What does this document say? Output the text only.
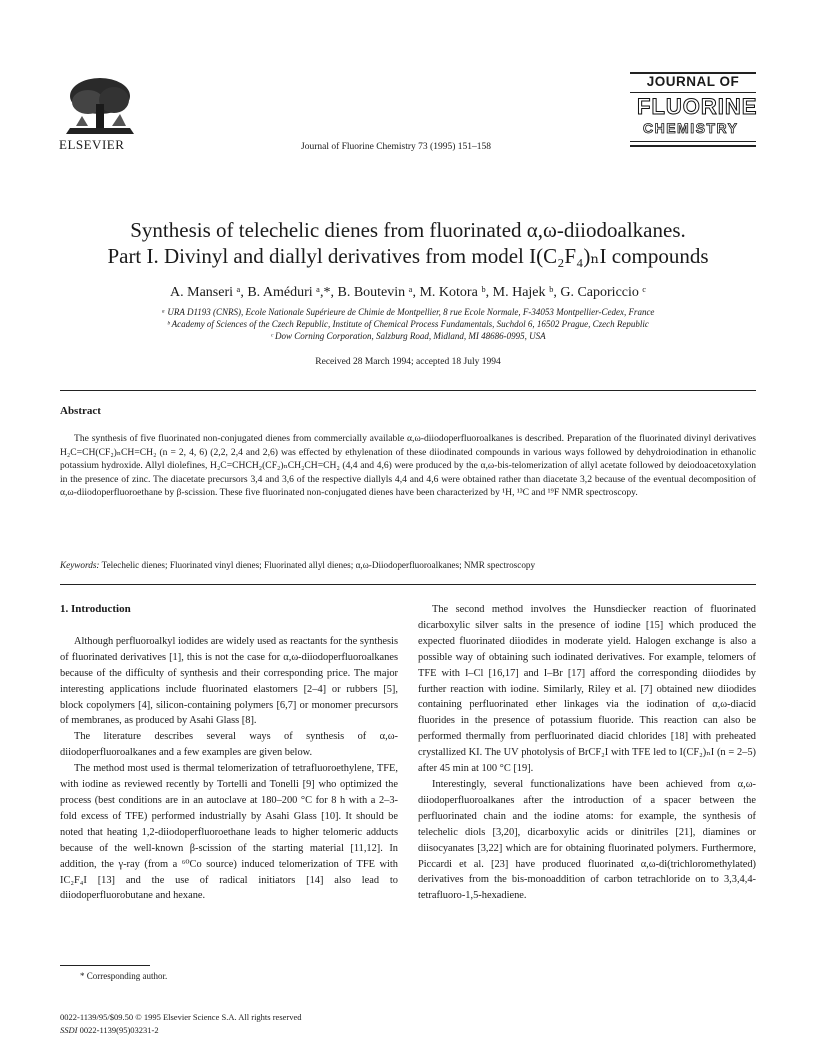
ELSEVIER	Journal of Fluorine Chemistry 73 (1995) 151–158
JOURNAL OF
FLUORINE
CHEMISTRY
Synthesis of telechelic dienes from fluorinated α,ω-diiodoalkanes.
Part I. Divinyl and diallyl derivatives from model I(C₂F₄)ₙI compounds
A. Manseri ᵃ, B. Améduri ᵃ,*, B. Boutevin ᵃ, M. Kotora ᵇ, M. Hajek ᵇ, G. Caporiccio ᶜ
ᵃ URA D1193 (CNRS), Ecole Nationale Supérieure de Chimie de Montpellier, 8 rue Ecole Normale, F-34053 Montpellier-Cedex, France
ᵇ Academy of Sciences of the Czech Republic, Institute of Chemical Process Fundamentals, Suchdol 6, 16502 Prague, Czech Republic
ᶜ Dow Corning Corporation, Salzburg Road, Midland, MI 48686-0995, USA
Received 28 March 1994; accepted 18 July 1994
Abstract

The synthesis of five fluorinated non-conjugated dienes from commercially available α,ω-diiodoperfluoroalkanes is described. Preparation of the fluorinated divinyl derivatives H₂C=CH(CF₂)ₙCH=CH₂ (n = 2, 4, 6) (2,2, 2,4 and 2,6) was effected by ethylenation of these diiodinated compounds in various ways followed by dehydroiodination in ethanolic potassium hydroxide. Allyl diolefines, H₂C=CHCH₂(CF₂)ₙCH₂CH=CH₂ (4,4 and 4,6) were produced by the α,ω-bis-telomerization of allyl acetate followed by deiodoacetoxylation in the presence of zinc. The diacetate precursors 3,4 and 3,6 of the respective diallyls 4,4 and 4,6 were obtained rather than diacetate 3,2 because of the eventual decomposition of α,ω-diiodoperfluoroethane by β-scission. These five fluorinated non-conjugated dienes have been characterized by ¹H, ¹³C and ¹⁹F NMR spectroscopy.

Keywords: Telechelic dienes; Fluorinated vinyl dienes; Fluorinated allyl dienes; α,ω-Diiodoperfluoroalkanes; NMR spectroscopy
1. Introduction

Although perfluoroalkyl iodides are widely used as reactants for the synthesis of fluorinated derivatives [1], this is not the case for α,ω-diiodoperfluoroalkanes because of the difficulty of synthesis and their corresponding price. The major interesting applications include fluorinated elastomers [2–4] or rubbers [5], block copolymers [4], silicon-containing polymers [6,7] or monomer precursors of membranes, as produced by Asahi Glass [8].

The literature describes several ways of synthesis of α,ω-diiodoperfluoroalkanes and a few examples are given below.

The method most used is thermal telomerization of tetrafluoroethylene, TFE, with iodine as reviewed recently by Tortelli and Tonelli [9] who optimized the process (best conditions are in an autoclave at 180–200 °C for 8 h with a 2–3-fold excess of TFE) performed industrially by Asahi Glass [10]. It should be noted that heating 1,2-diiodoperfluoroethane leads to higher telomeric adducts because of the well-known β-scission of the starting material [11,12]. In addition, the γ-ray (from a ⁶⁰Co source) induced telomerization of TFE with IC₂F₄I [13] and the use of radical initiators [14] also lead to diiodoperfluorobutane and hexane.

The second method involves the Hunsdiecker reaction of fluorinated dicarboxylic silver salts in the presence of iodine [15] which produced the expected fluorinated diiodides in moderate yield. Halogen exchange is also a possible way of obtaining such iodinated derivatives. For example, telomers of TFE with I–Cl [16,17] and I–Br [17] afford the corresponding diiodides by further reaction with iodine. Similarly, Riley et al. [7] obtained new diiodides containing perfluorinated ether linkages via the iodination of α,ω-diacid fluorides in the presence of potassium fluoride. This reaction can also be performed thermally from perfluorinated diacid chlorides [18] with preheated crystallized KI. The UV photolysis of BrCF₂I with TFE led to I(CF₂)ₙI (n = 2–5) after 45 min at 100 °C [19].

Interestingly, several functionalizations have been achieved from α,ω-diiodoperfluoroalkanes after the introduction of a spacer between the perfluorinated chain and the iodine atoms: for example, the synthesis of telechelic diols [3,20], dicarboxylic acids or dinitriles [21], diamines or diisocyanates [3,22] which are for obtaining fluorinated polymers. Furthermore, Piccardi et al. [23] have produced fluorinated α,ω-di(trichloromethylated) derivatives from the bis-monoaddition of carbon tetrachloride on to 3,3,4,4-tetrafluoro-1,5-hexadiene.

* Corresponding author.
0022-1139/95/$09.50 © 1995 Elsevier Science S.A. All rights reserved
SSDI 0022-1139(95)03231-2
